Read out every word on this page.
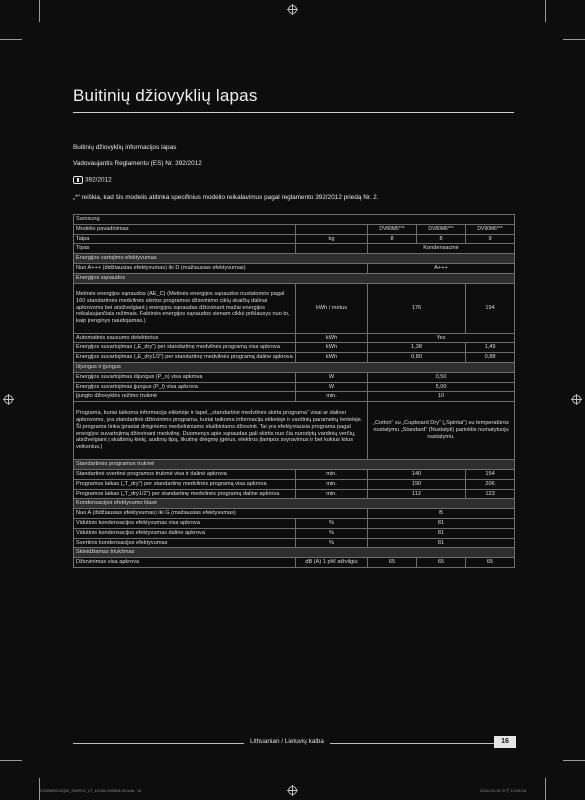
Buitinių džiovyklių lapas
Buitinių džiovyklių informacijos lapas
Vadovaujantis Reglamentu (ES) Nr. 392/2012
392/2012
„*“ reiškia, kad šis modelis atitinka specifinius modelio reikalavimus pagal reglamento 392/2012 priedą Nr. 2.
Samsung				
Modelio pavadinimas		DV80M5***	DV80M6***	DV90M6***
Talpa	kg	8	8	9
Tipas		Kondensacinė		
Energijos vartojimo efektyvumas				
Nuo A+++ (didžiausias efektyvumas) iki D (mažiausias efektyvumas)		A+++		
Energijos sąnaudos				
Metinės energijos sąnaudos (AE_C) (Metinės energijos sąnaudos nustatomos pagal 160 standartinės medvilnės skirtos programos džiovinimo ciklų skaičių dalinai apkrovoms bei atsižvelgiant į energijos sąnaudas džiovinant mažai energijos reikalaujančiais režimais. Faktinės energijos sąnaudos vienam ciklui priklausys nuo to, kaip įrenginys naudojamas.)	kWh / metus	176		194
Automatinis sausumo detektorius	kWh	Yes		
Energijos suvartojimas („E_dry“) per standartinę medvilnės programą visa apkrova	kWh	1,38		1,49
Energijos suvartojimas („E_dry1/2“) per standartinę medvilnės programą daline apkrova	kWh	0,80		0,88
Išjungus ir įjungus				
Energijos suvartojimas išjungus (P_o) visa apkrova	W	0,50		
Energijos suvartojimas įjungus (P_l) visa apkrova	W	5,00		
Įjungto džiovyklės režimo trukmė	min.	10		
Programa, kuriai taikoma informacija etiketėje ir lapel, „standartinė medvilnės skirta programa“ visai ar dalinei apkrovoms, yra standartinė džiovinimo programa, kuriai taikoma informacija etiketėje ir vardinių parametrų lentelėje. Ši programa tinka įprastai drėgniems medvilniniams skalbiniams džiovinti. Tai yra efektyviausia programa pagal energijos suvartojimą džiovinant medvilnę. Duomenys apie sąnaudas gali skirtis nuo čia nurodytų vardinių verčių, atsižvelgiant į skalbinių kiekį, audinių tipą, likutinę drėgmę įgėrus, elektros įtampos svyravimus ir bet kokius kitus veiksnius.)		„Cotton“ su „Cupboard Dry“ („Spintai“) su temperatūros nustatymu „Standard“ (Nustatyti) parinktis numatytuoju nustatymu.		
Standartinės programos trukmė				
Standartinė svertinė programos trukmė visa ir dalinė apkrova	min.	140		154
Programos laikas („T_dry“) per standartinę medvilnės programą visa apkrova	min.	190		206
Programos laikas („T_dry1/2“) per standartinę medvilnės programą daline apkrova	min.	112		123
Kondensacijos efektyvumo klasė				
Nuo A (didžiausias efektyvumas) iki G (mažiausias efektyvumas)		B		
Vidutinis kondensacijos efektyvumas visa apkrova	%	81		
Vidutinis kondensacijos efektyvumas daline apkrova	%	81		
Svertinis kondensacijos efektyvumas	%	81		
Skleidžiamas triukšmas				
Džiovinimas visa apkrova	dB (A) 1 pW atžvilgiu	65	65	65
Lithuanian / Lietuvių kalba	16
DV80M5010QW_SIMPLE_LT_DC68-03996B-00.indb 16	2016-03-16 오전 10:28:18
